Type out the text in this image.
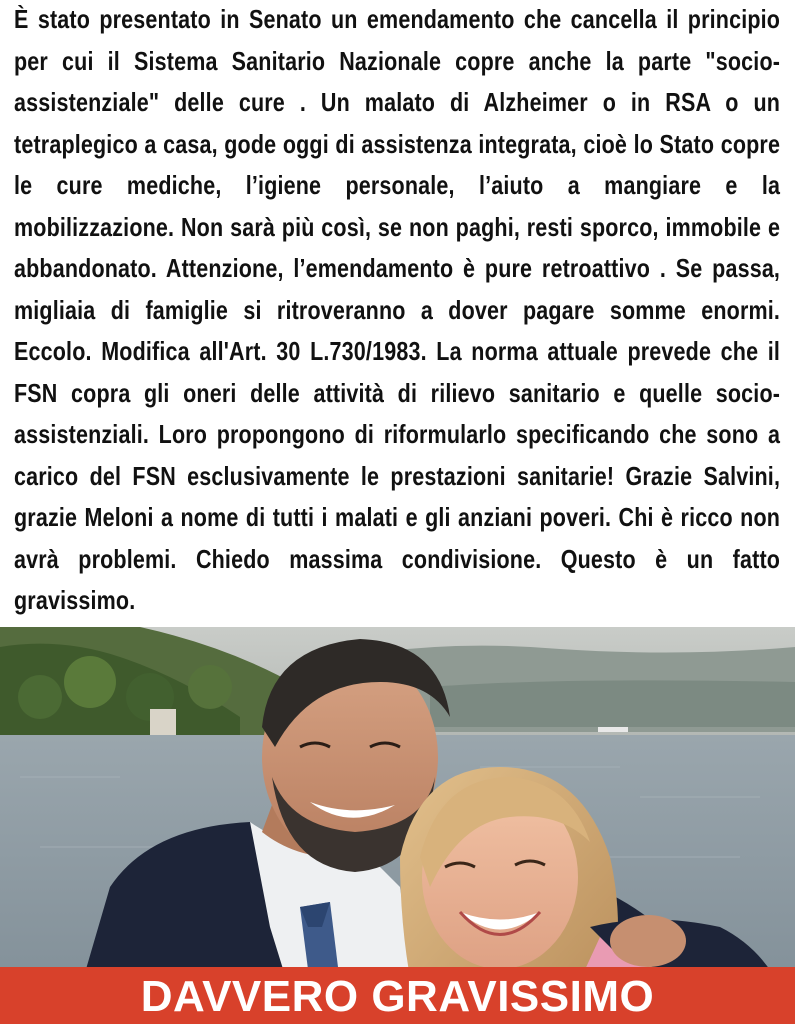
È stato presentato in Senato un emendamento che cancella il principio per cui il Sistema Sanitario Nazionale copre anche la parte "socio-assistenziale" delle cure . Un malato di Alzheimer o in RSA o un tetraplegico a casa, gode oggi di assistenza integrata, cioè lo Stato copre le cure mediche, l’igiene personale, l’aiuto a mangiare e la mobilizzazione. Non sarà più così, se non paghi, resti sporco, immobile e abbandonato. Attenzione, l’emendamento è pure retroattivo . Se passa, migliaia di famiglie si ritroveranno a dover pagare somme enormi. Eccolo. Modifica all'Art. 30 L.730/1983. La norma attuale prevede che il FSN copra gli oneri delle attività di rilievo sanitario e quelle socio-assistenziali. Loro propongono di riformularlo specificando che sono a carico del FSN esclusivamente le prestazioni sanitarie! Grazie Salvini, grazie Meloni a nome di tutti i malati e gli anziani poveri. Chi è ricco non avrà problemi. Chiedo massima condivisione. Questo è un fatto gravissimo.

DAVVERO GRAVISSIMO
